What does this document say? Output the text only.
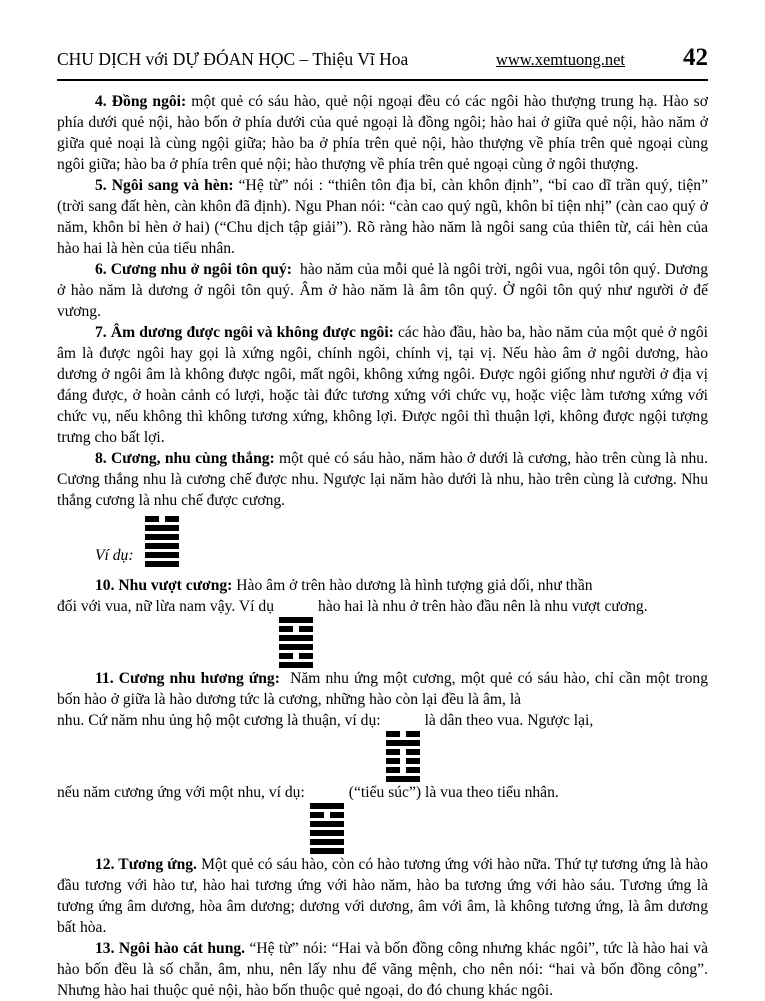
CHU DỊCH với DỰ ĐÓAN HỌC – Thiệu Vĩ Hoa	www.xemtuong.net 42

4. Đồng ngôi: một quẻ có sáu hào, quẻ nội ngoại đều có các ngôi hào thượng trung hạ. Hào sơ phía dưới quẻ nội, hào bốn ở phía dưới của quẻ ngoại là đồng ngôi; hào hai ở giữa quẻ nội, hào năm ở giữa quẻ noại là cùng ngội giữa; hào ba ở phía trên quẻ nội, hào thượng về phía trên quẻ ngoại cùng ngôi giữa; hào ba ở phía trên quẻ nội; hào thượng về phía trên quẻ ngoại cùng ở ngôi thượng.

5. Ngôi sang và hèn: “Hệ từ” nói : “thiên tôn địa bỉ, càn khôn định”, “bỉ cao dĩ trần quý, tiện” (trời sang đất hèn, càn khôn đã định). Ngu Phan nói: “càn cao quý ngũ, khôn bỉ tiện nhị” (càn cao quý ở năm, khôn bỉ hèn ở hai) (“Chu dịch tập giải”). Rõ ràng hào năm là ngôi sang của thiên từ, cái hèn của hào hai là hèn của tiểu nhân.

6. Cương nhu ở ngôi tôn quý: hào năm của mỗi quẻ là ngôi trời, ngôi vua, ngôi tôn quý. Dương ở hào năm là dương ở ngôi tôn quý. Âm ở hào năm là âm tôn quý. Ở ngôi tôn quý như người ở đế vương.

7. Âm dương được ngôi và không được ngôi: các hào đầu, hào ba, hào năm của một quẻ ở ngôi âm là được ngôi hay gọi là xứng ngôi, chính ngôi, chính vị, tại vị. Nếu hào âm ở ngôi dương, hào dương ở ngôi âm là không được ngôi, mất ngôi, không xứng ngôi. Được ngôi giống như người ở địa vị đáng được, ở hoàn cảnh có lượi, hoặc tài đức tương xứng với chức vụ, hoặc việc làm tương xứng với chức vụ, nếu không thì không tương xứng, không lợi. Được ngôi thì thuận lợi, không được ngội tượng trưng cho bất lợi.

8. Cương, nhu cùng thắng: một quẻ có sáu hào, năm hào ở dưới là cương, hào trên cùng là nhu. Cương thắng nhu là cương chế được nhu. Ngược lại năm hào dưới là nhu, hào trên cùng là cương. Nhu thắng cương là nhu chế được cương.

Ví dụ:

10. Nhu vượt cương: Hào âm ở trên hào dương là hình tượng giả dối, như thần

đối với vua, nữ lừa nam vậy. Ví dụ	hào hai là nhu ở trên hào đầu nên là nhu vượt cương.

11. Cương nhu hương ứng: Năm nhu ứng một cương, một quẻ có sáu hào, chỉ cần một trong bốn hào ở giữa là hào dương tức là cương, những hào còn lại đều là âm, là

nhu. Cứ năm nhu ủng hộ một cương là thuận, ví dụ:	là dân theo vua. Ngược lại,

nếu năm cương ứng với một nhu, ví dụ:	(“tiểu súc”) là vua theo tiểu nhân.

12. Tương ứng. Một quẻ có sáu hào, còn có hào tương ứng với hào nữa. Thứ tự tương ứng là hào đầu tương với hào tư, hào hai tương ứng với hào năm, hào ba tương ứng với hào sáu. Tương ứng là tương ứng âm dương, hòa âm dương; dương với dương, âm với âm, là không tương ứng, là âm dương bất hòa.

13. Ngôi hào cát hung. “Hệ từ” nói: “Hai và bốn đồng công nhưng khác ngôi”, tức là hào hai và hào bốn đều là số chẵn, âm, nhu, nên lấy nhu để vãng mệnh, cho nên nói: “hai và bốn đồng công”. Nhưng hào hai thuộc quẻ nội, hào bốn thuộc quẻ ngoại, do đó chung khác ngôi.
